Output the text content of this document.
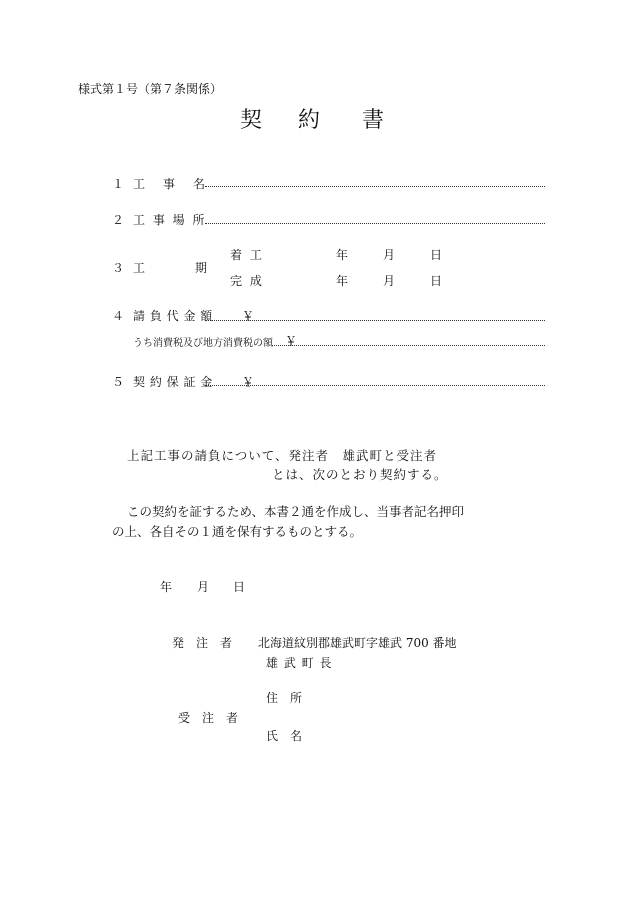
様式第１号（第７条関係）
契 約 書
１ 工 事 名
２ 工 事 場 所
３ 工	期
着 工	年	月	日
完 成	年	月	日
４ 請 負 代 金 額 ￥
うち消費税及び地方消費税の額 ￥
５ 契 約 保 証 金 ￥
上記工事の請負について、発注者　雄武町と受注者
とは、次のとおり契約する。
この契約を証するため、本書２通を作成し、当事者記名押印
の上、各自その１通を保有するものとする。
年 月 日
発　注　者 北海道紋別郡雄武町字雄武 700 番地
雄 武 町 長
住　所
受　注　者
氏　名
